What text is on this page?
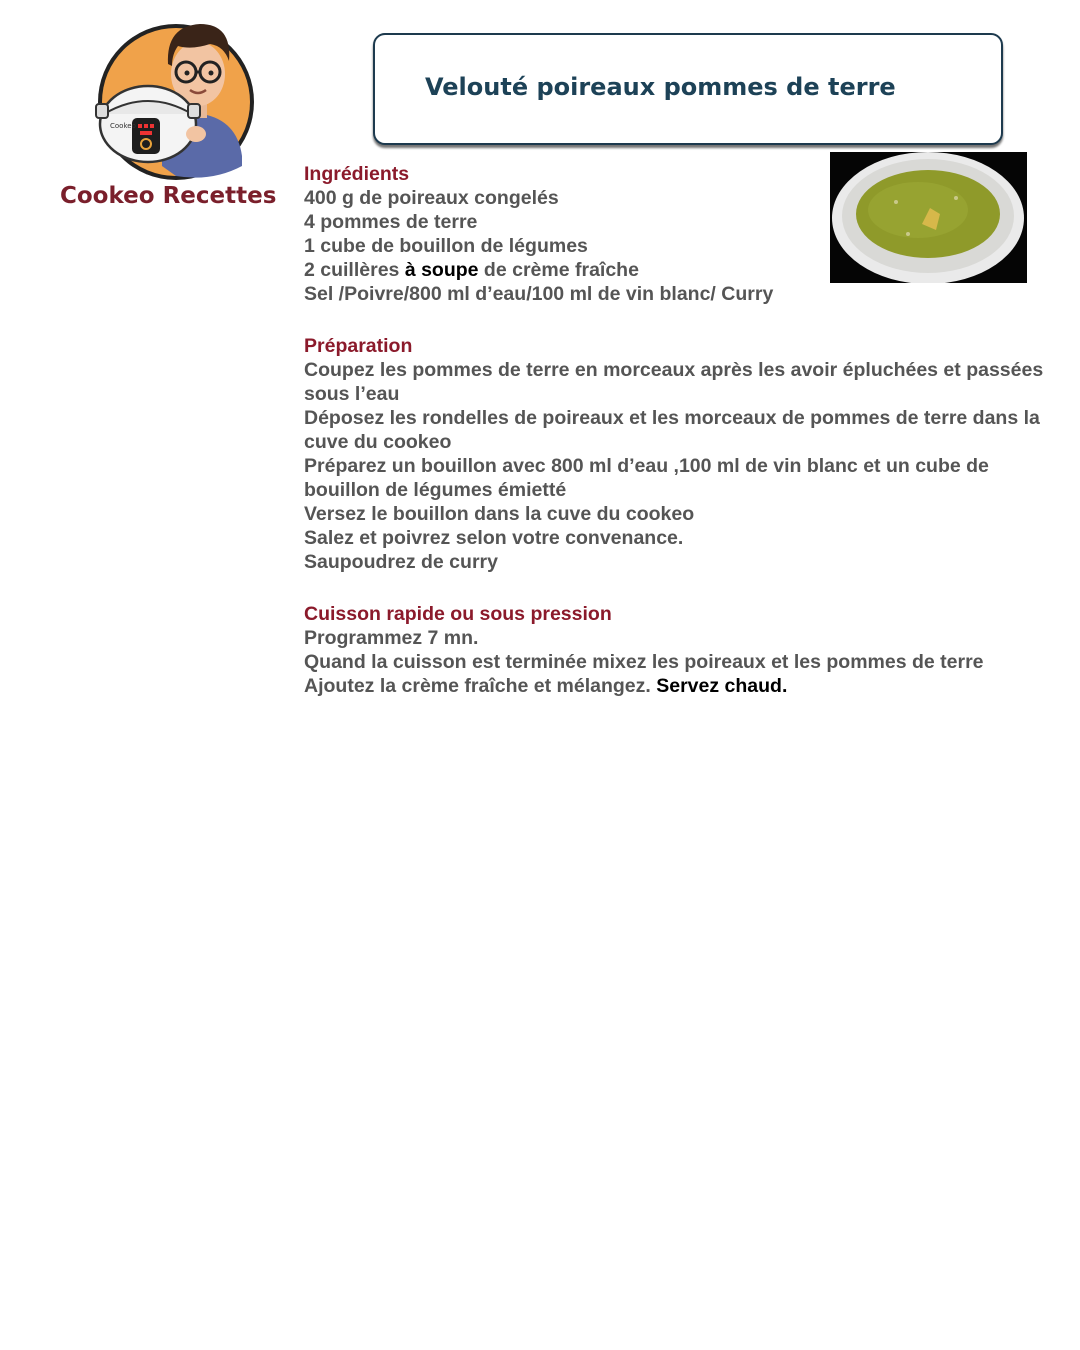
Cookeo
Cookeo Recettes
Velouté poireaux pommes de terre
Ingrédients
400 g de poireaux congelés
4 pommes de terre
1 cube de bouillon de légumes
2 cuillères à soupe de crème fraîche
Sel /Poivre/800 ml d’eau/100 ml de vin blanc/ Curry
Préparation
Coupez les pommes de terre en morceaux après les avoir épluchées et passées sous l’eau
Déposez les rondelles de poireaux et les morceaux de pommes de terre dans la cuve du cookeo
Préparez un bouillon avec 800 ml d’eau ,100 ml de vin blanc et un cube de bouillon de légumes émietté
Versez le bouillon dans la cuve du cookeo
Salez et poivrez selon votre convenance.
Saupoudrez de curry
Cuisson rapide ou sous pression
Programmez 7 mn.
Quand la cuisson est terminée mixez les poireaux et les pommes de terre
Ajoutez la crème fraîche et mélangez. Servez chaud.
